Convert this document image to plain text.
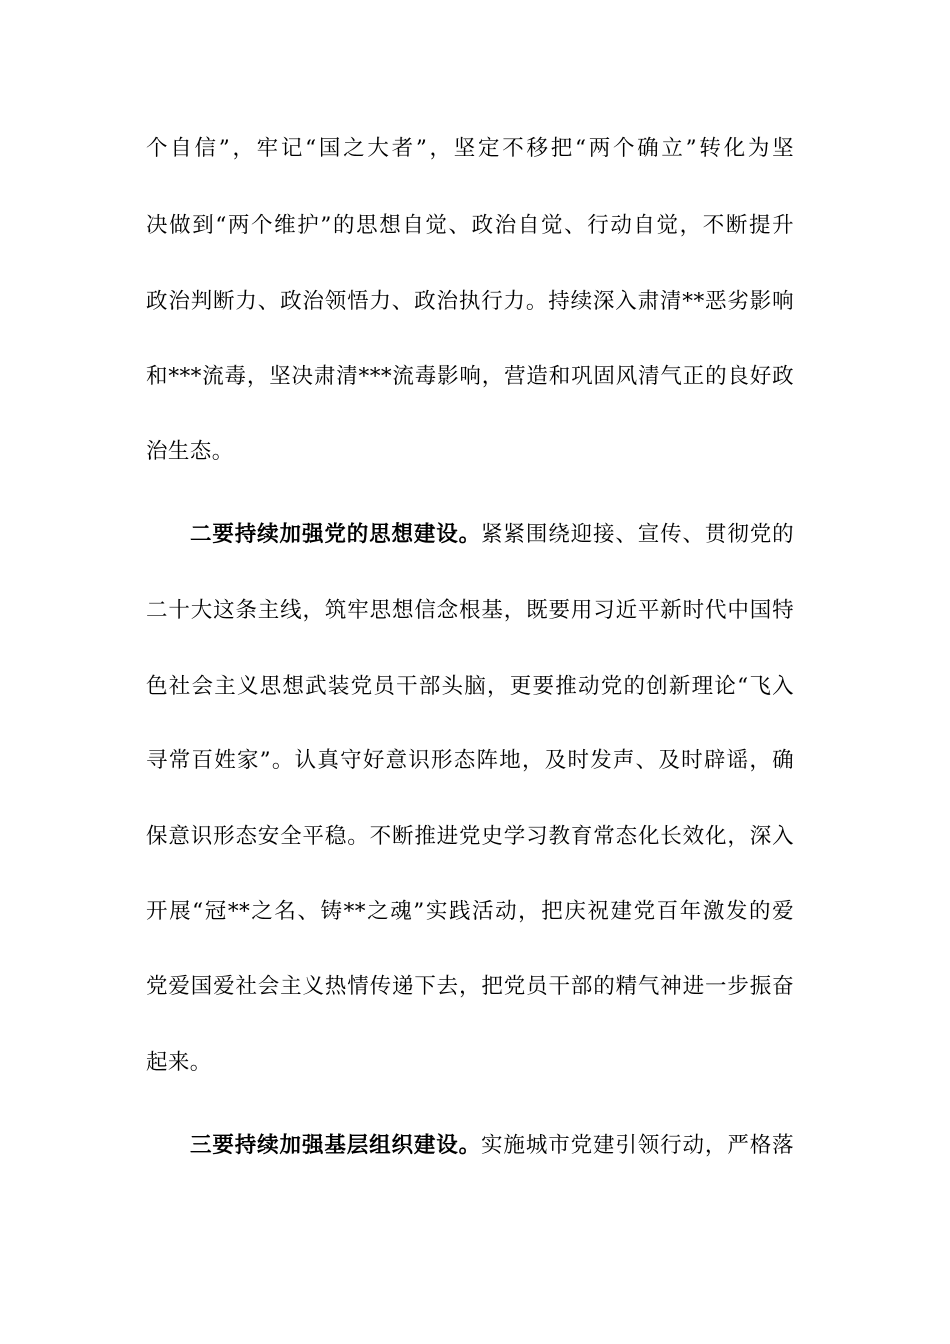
个自信”，牢记“国之大者”，坚定不移把“两个确立”转化为坚
决做到“两个维护”的思想自觉、政治自觉、行动自觉，不断提升
政治判断力、政治领悟力、政治执行力。持续深入肃清**恶劣影响
和***流毒，坚决肃清***流毒影响，营造和巩固风清气正的良好政
治生态。
二要持续加强党的思想建设。紧紧围绕迎接、宣传、贯彻党的
二十大这条主线，筑牢思想信念根基，既要用习近平新时代中国特
色社会主义思想武装党员干部头脑，更要推动党的创新理论“飞入
寻常百姓家”。认真守好意识形态阵地，及时发声、及时辟谣，确
保意识形态安全平稳。不断推进党史学习教育常态化长效化，深入
开展“冠**之名、铸**之魂”实践活动，把庆祝建党百年激发的爱
党爱国爱社会主义热情传递下去，把党员干部的精气神进一步振奋
起来。
三要持续加强基层组织建设。实施城市党建引领行动，严格落
